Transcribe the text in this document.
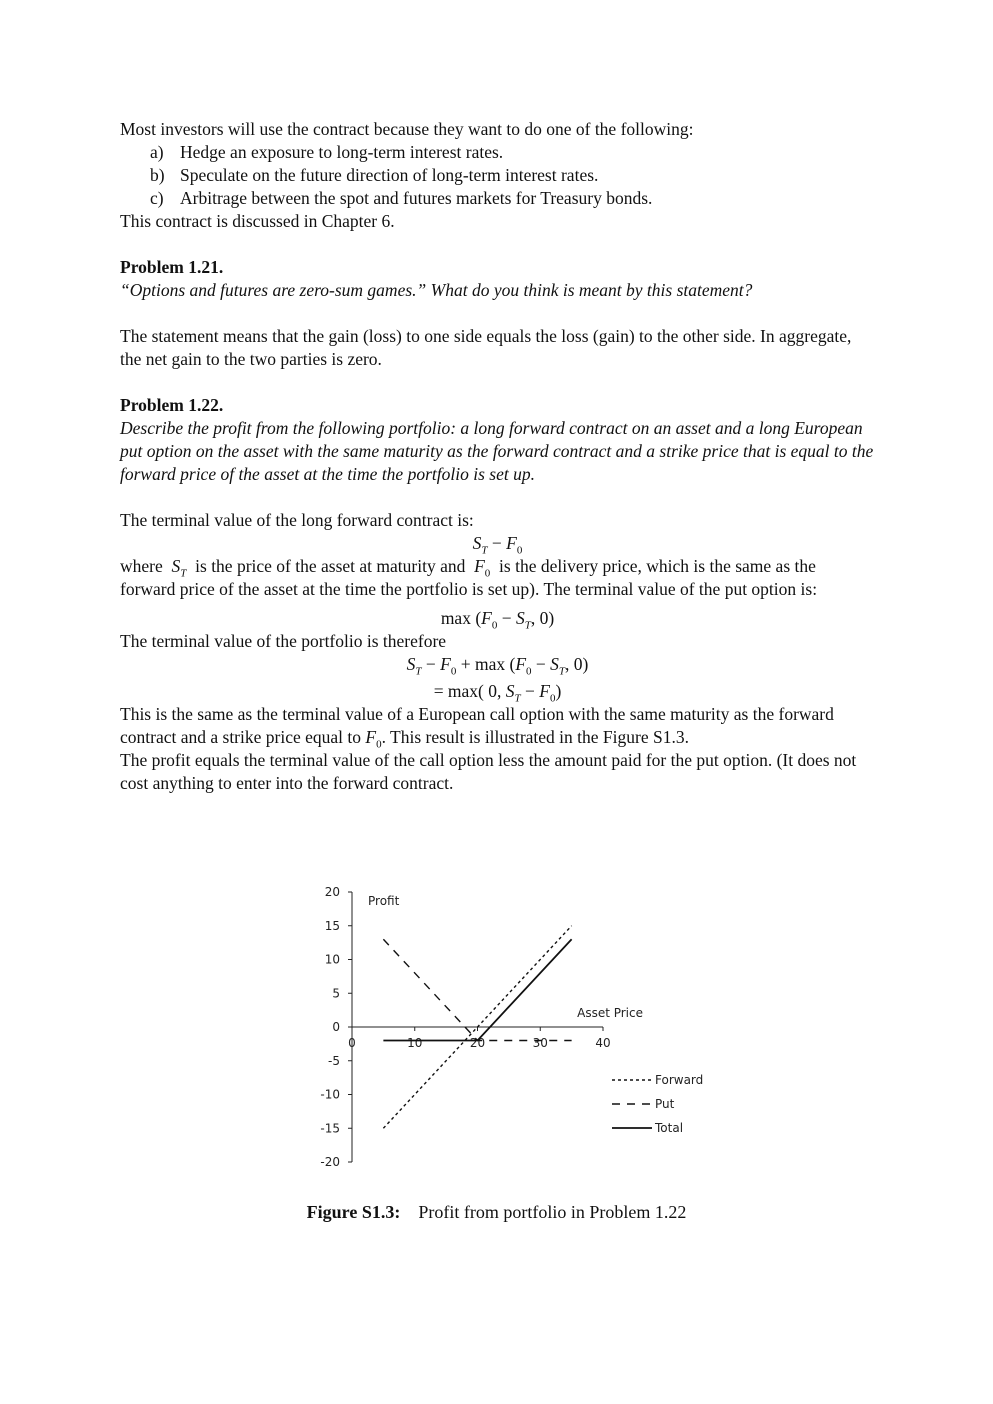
Most investors will use the contract because they want to do one of the following:

a) Hedge an exposure to long-term interest rates.
b) Speculate on the future direction of long-term interest rates.
c) Arbitrage between the spot and futures markets for Treasury bonds.

This contract is discussed in Chapter 6.

Problem 1.21.

“Options and futures are zero-sum games.” What do you think is meant by this statement?

The statement means that the gain (loss) to one side equals the loss (gain) to the other side. In aggregate, the net gain to the two parties is zero.

Problem 1.22.

Describe the profit from the following portfolio: a long forward contract on an asset and a long European put option on the asset with the same maturity as the forward contract and a strike price that is equal to the forward price of the asset at the time the portfolio is set up.

The terminal value of the long forward contract is:

$S_T - F_0$

where $S_T$ is the price of the asset at maturity and $F_0$ is the delivery price, which is the same as the forward price of the asset at the time the portfolio is set up). The terminal value of the put option is:

$\max (F_0 - S_T$, 0)

The terminal value of the portfolio is therefore

$S_T - F_0 + \max (F_0 - S_T$, 0)
= max( 0, $S_T - F_0$)

This is the same as the terminal value of a European call option with the same maturity as the forward contract and a strike price equal to $F_0$. This result is illustrated in the Figure S1.3.

The profit equals the terminal value of the call option less the amount paid for the put option. (It does not cost anything to enter into the forward contract.

20
15
10
5
0
-5
-10
-15
-20
0	10	20	30	40
Profit
Asset Price
Forward
Put
Total
Figure S1.3: Profit from portfolio in Problem 1.22
